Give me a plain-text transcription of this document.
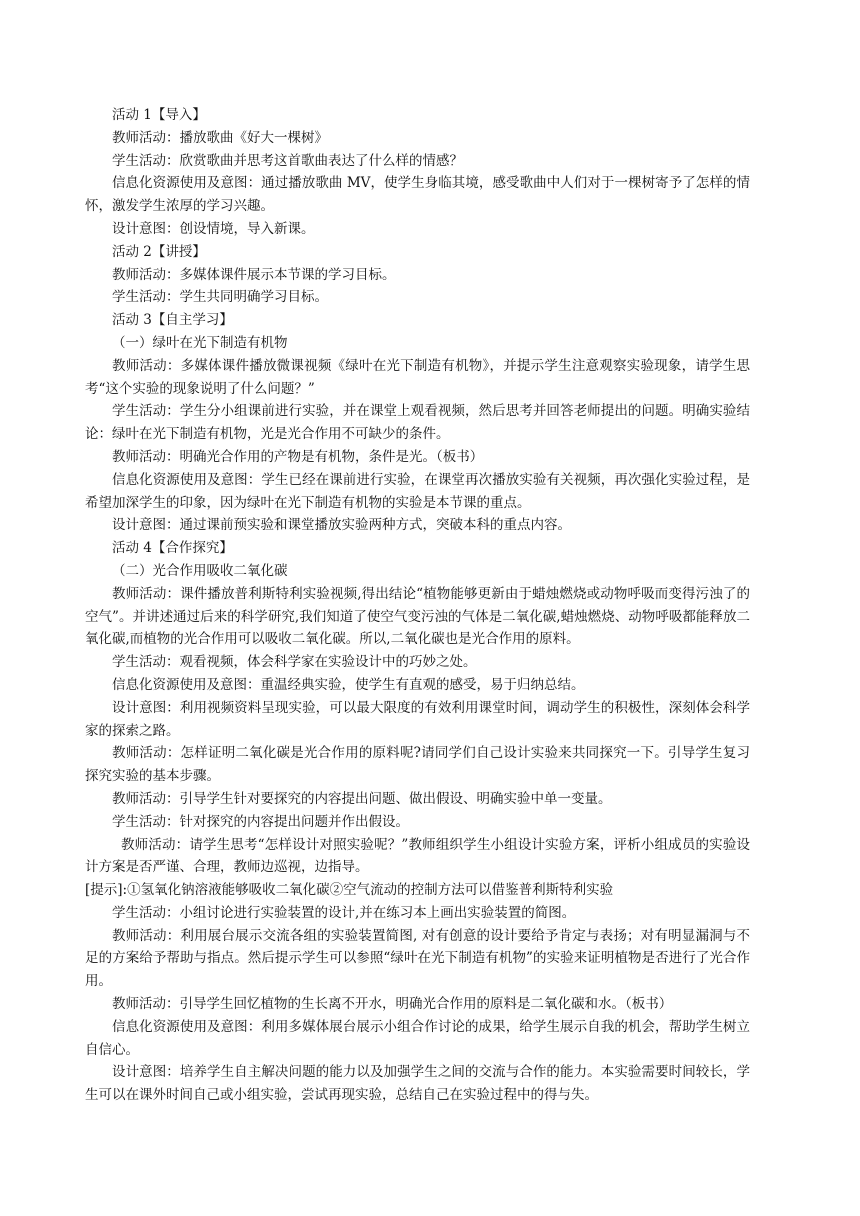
活动 1【导入】

教师活动：播放歌曲《好大一棵树》

学生活动：欣赏歌曲并思考这首歌曲表达了什么样的情感？

信息化资源使用及意图：通过播放歌曲 MV，使学生身临其境，感受歌曲中人们对于一棵树寄予了怎样的情怀，激发学生浓厚的学习兴趣。

设计意图：创设情境，导入新课。

活动 2【讲授】

教师活动：多媒体课件展示本节课的学习目标。

学生活动：学生共同明确学习目标。

活动 3【自主学习】

（一）绿叶在光下制造有机物

教师活动：多媒体课件播放微课视频《绿叶在光下制造有机物》，并提示学生注意观察实验现象，请学生思考“这个实验的现象说明了什么问题？”

学生活动：学生分小组课前进行实验，并在课堂上观看视频，然后思考并回答老师提出的问题。明确实验结论：绿叶在光下制造有机物，光是光合作用不可缺少的条件。

教师活动：明确光合作用的产物是有机物，条件是光。（板书）

信息化资源使用及意图：学生已经在课前进行实验，在课堂再次播放实验有关视频，再次强化实验过程，是希望加深学生的印象，因为绿叶在光下制造有机物的实验是本节课的重点。

设计意图：通过课前预实验和课堂播放实验两种方式，突破本科的重点内容。

活动 4【合作探究】

（二）光合作用吸收二氧化碳

教师活动：课件播放普利斯特利实验视频,得出结论“植物能够更新由于蜡烛燃烧或动物呼吸而变得污浊了的空气”。并讲述通过后来的科学研究,我们知道了使空气变污浊的气体是二氧化碳,蜡烛燃烧、动物呼吸都能释放二氧化碳,而植物的光合作用可以吸收二氧化碳。所以,二氧化碳也是光合作用的原料。

学生活动：观看视频，体会科学家在实验设计中的巧妙之处。

信息化资源使用及意图：重温经典实验，使学生有直观的感受，易于归纳总结。

设计意图：利用视频资料呈现实验，可以最大限度的有效利用课堂时间，调动学生的积极性，深刻体会科学家的探索之路。

教师活动：怎样证明二氧化碳是光合作用的原料呢?请同学们自己设计实验来共同探究一下。引导学生复习探究实验的基本步骤。

教师活动：引导学生针对要探究的内容提出问题、做出假设、明确实验中单一变量。

学生活动：针对探究的内容提出问题并作出假设。

教师活动：请学生思考“怎样设计对照实验呢？”教师组织学生小组设计实验方案，评析小组成员的实验设计方案是否严谨、合理，教师边巡视，边指导。

[提示]:①氢氧化钠溶液能够吸收二氧化碳②空气流动的控制方法可以借鉴普利斯特利实验

学生活动：小组讨论进行实验装置的设计,并在练习本上画出实验装置的简图。

教师活动：利用展台展示交流各组的实验装置简图, 对有创意的设计要给予肯定与表扬；对有明显漏洞与不足的方案给予帮助与指点。然后提示学生可以参照“绿叶在光下制造有机物”的实验来证明植物是否进行了光合作用。

教师活动：引导学生回忆植物的生长离不开水，明确光合作用的原料是二氧化碳和水。（板书）

信息化资源使用及意图：利用多媒体展台展示小组合作讨论的成果，给学生展示自我的机会，帮助学生树立自信心。

设计意图：培养学生自主解决问题的能力以及加强学生之间的交流与合作的能力。本实验需要时间较长，学生可以在课外时间自己或小组实验，尝试再现实验，总结自己在实验过程中的得与失。
